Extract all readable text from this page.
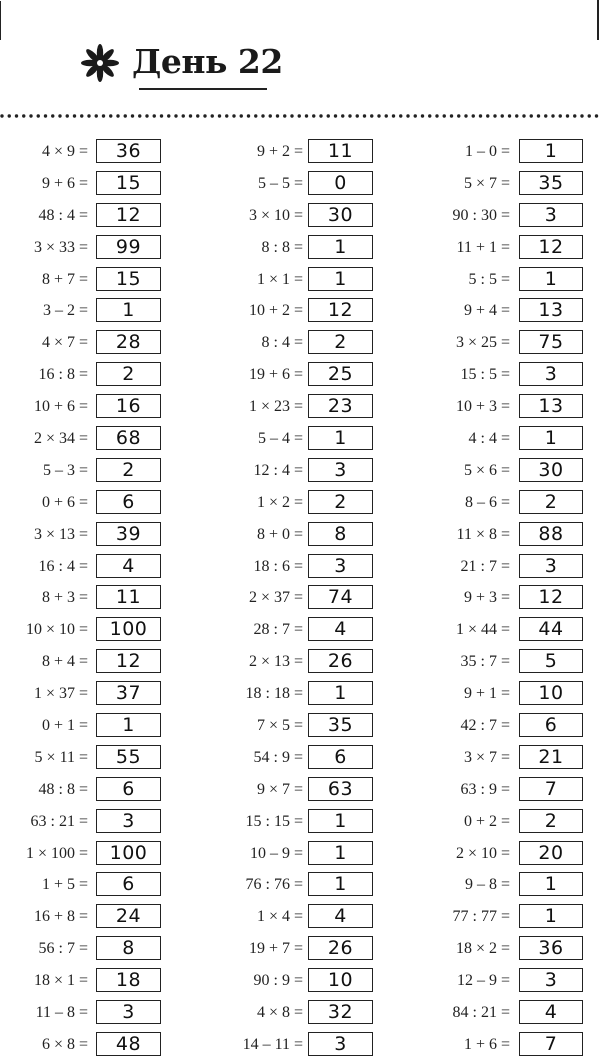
День 22
4 × 9 =	36
9 + 6 =	15
48 : 4 =	12
3 × 33 =	99
8 + 7 =	15
3 – 2 =	1
4 × 7 =	28
16 : 8 =	2
10 + 6 =	16
2 × 34 =	68
5 – 3 =	2
0 + 6 =	6
3 × 13 =	39
16 : 4 =	4
8 + 3 =	11
10 × 10 =	100
8 + 4 =	12
1 × 37 =	37
0 + 1 =	1
5 × 11 =	55
48 : 8 =	6
63 : 21 =	3
1 × 100 =	100
1 + 5 =	6
16 + 8 =	24
56 : 7 =	8
18 × 1 =	18
11 – 8 =	3
6 × 8 =	48
9 + 2 =	11
5 – 5 =	0
3 × 10 =	30
8 : 8 =	1
1 × 1 =	1
10 + 2 =	12
8 : 4 =	2
19 + 6 =	25
1 × 23 =	23
5 – 4 =	1
12 : 4 =	3
1 × 2 =	2
8 + 0 =	8
18 : 6 =	3
2 × 37 =	74
28 : 7 =	4
2 × 13 =	26
18 : 18 =	1
7 × 5 =	35
54 : 9 =	6
9 × 7 =	63
15 : 15 =	1
10 – 9 =	1
76 : 76 =	1
1 × 4 =	4
19 + 7 =	26
90 : 9 =	10
4 × 8 =	32
14 – 11 =	3
1 – 0 =	1
5 × 7 =	35
90 : 30 =	3
11 + 1 =	12
5 : 5 =	1
9 + 4 =	13
3 × 25 =	75
15 : 5 =	3
10 + 3 =	13
4 : 4 =	1
5 × 6 =	30
8 – 6 =	2
11 × 8 =	88
21 : 7 =	3
9 + 3 =	12
1 × 44 =	44
35 : 7 =	5
9 + 1 =	10
42 : 7 =	6
3 × 7 =	21
63 : 9 =	7
0 + 2 =	2
2 × 10 =	20
9 – 8 =	1
77 : 77 =	1
18 × 2 =	36
12 – 9 =	3
84 : 21 =	4
1 + 6 =	7
